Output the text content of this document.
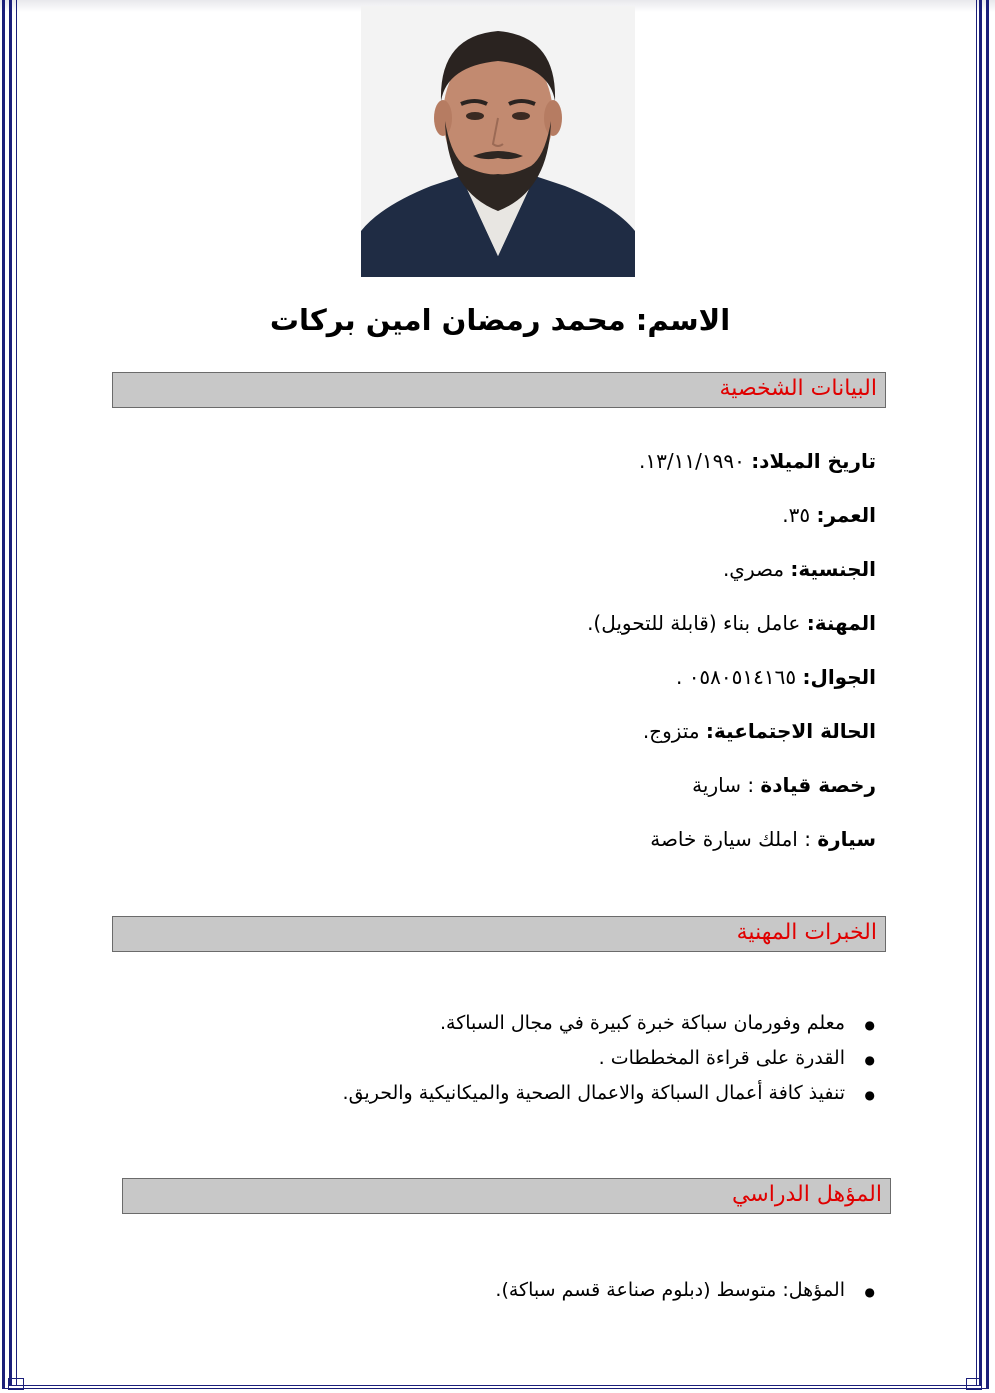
الاسم: محمد رمضان امين بركات
البيانات الشخصية
تاريخ الميلاد: ١٣/١١/١٩٩٠.
العمر: ٣٥.
الجنسية: مصري.
المهنة: عامل بناء (قابلة للتحويل).
الجوال: ٠٥٨٠٥١٤١٦٥ .
الحالة الاجتماعية: متزوج.
رخصة قيادة : سارية
سيارة : املك سيارة خاصة
الخبرات المهنية
● معلم وفورمان سباكة خبرة كبيرة في مجال السباكة.
● القدرة على قراءة المخططات .
● تنفيذ كافة أعمال السباكة والاعمال الصحية والميكانيكية والحريق.
المؤهل الدراسي
● المؤهل: متوسط (دبلوم صناعة قسم سباكة).
